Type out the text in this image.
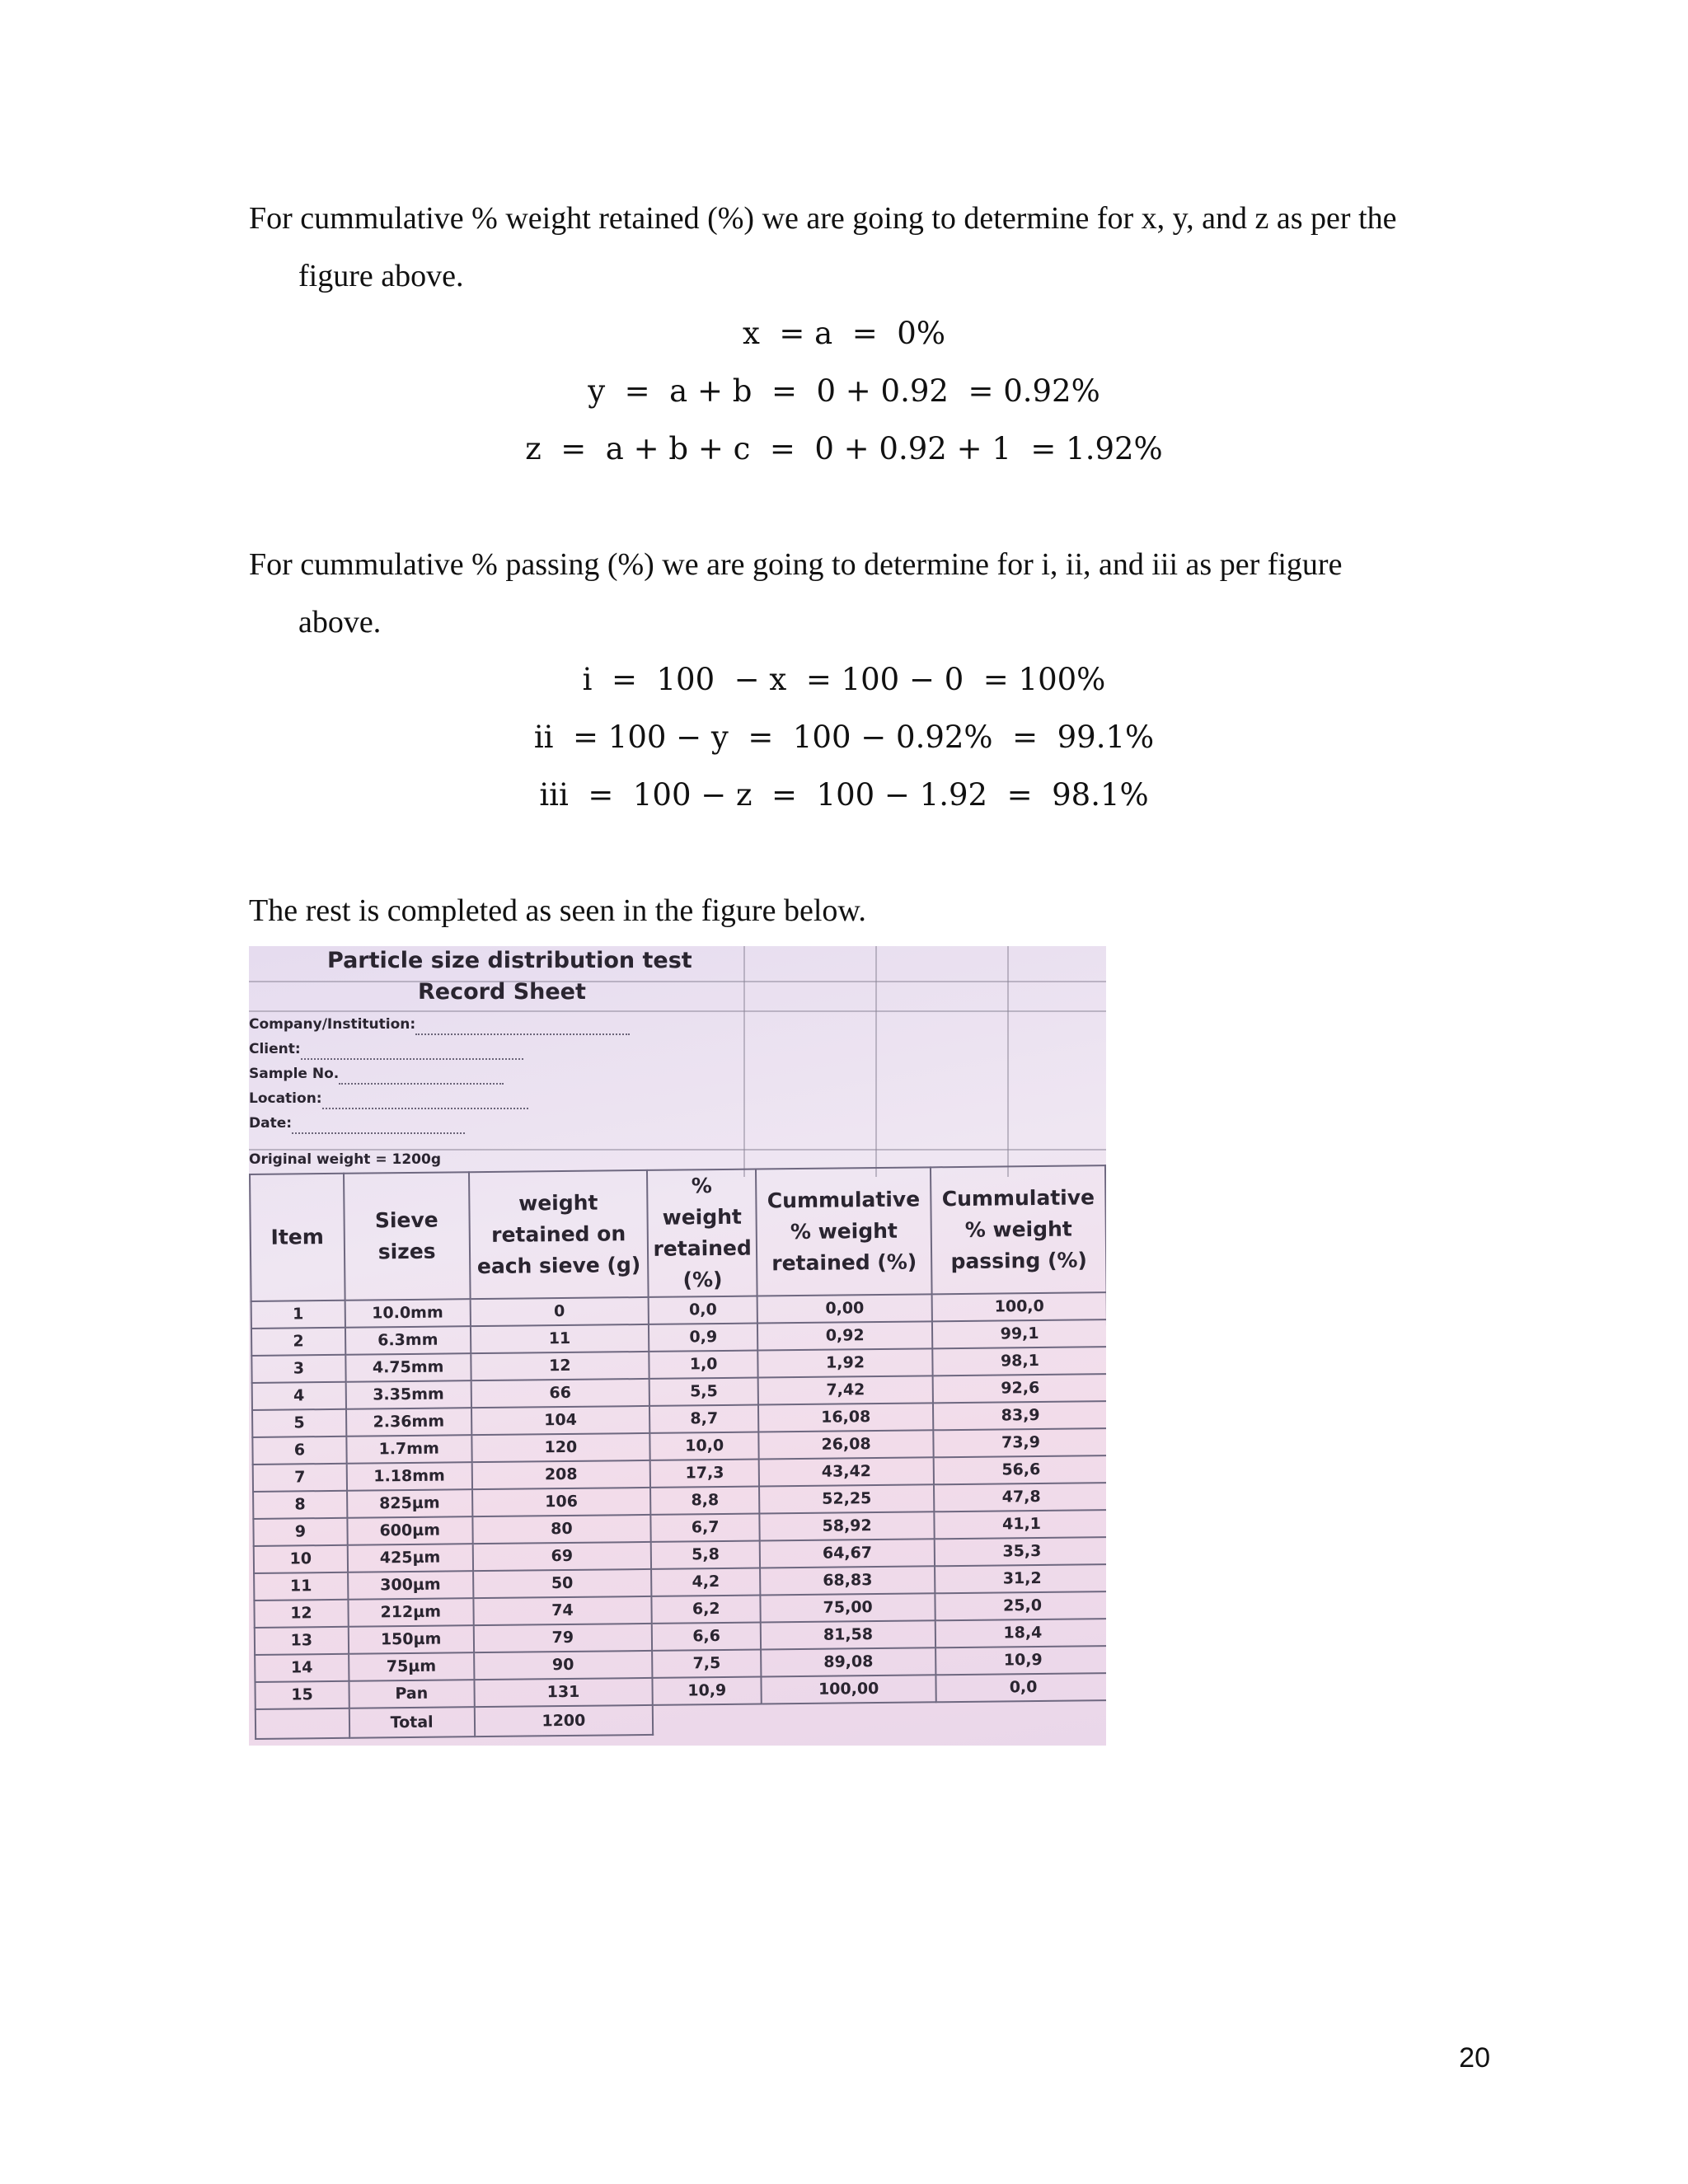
For cummulative % weight retained (%) we are going to determine for x, y, and z as per the
figure above.
x  = a  =  0%
y  =  a + b  =  0 + 0.92  = 0.92%
z  =  a + b + c  =  0 + 0.92 + 1  = 1.92%
For cummulative % passing (%) we are going to determine for i, ii, and iii as per figure
above.
i  =  100  − x  = 100 − 0  = 100%
ii  = 100 − y  =  100 − 0.92%  =  99.1%
iii  =  100 − z  =  100 − 1.92  =  98.1%
The rest is completed as seen in the figure below.
Particle size distribution test
Record Sheet
Company/Institution:
Client:
Sample No.
Location:
Date:
Original weight = 1200g
Item	Sieve sizes	weight retained on each sieve (g)	% weight retained (%)	Cummulative % weight retained (%)	Cummulative % weight passing (%)
1	10.0mm	0	0,0	0,00	100,0
2	6.3mm	11	0,9	0,92	99,1
3	4.75mm	12	1,0	1,92	98,1
4	3.35mm	66	5,5	7,42	92,6
5	2.36mm	104	8,7	16,08	83,9
6	1.7mm	120	10,0	26,08	73,9
7	1.18mm	208	17,3	43,42	56,6
8	825µm	106	8,8	52,25	47,8
9	600µm	80	6,7	58,92	41,1
10	425µm	69	5,8	64,67	35,3
11	300µm	50	4,2	68,83	31,2
12	212µm	74	6,2	75,00	25,0
13	150µm	79	6,6	81,58	18,4
14	75µm	90	7,5	89,08	10,9
15	Pan	131	10,9	100,00	0,0
	Total	1200			
20
